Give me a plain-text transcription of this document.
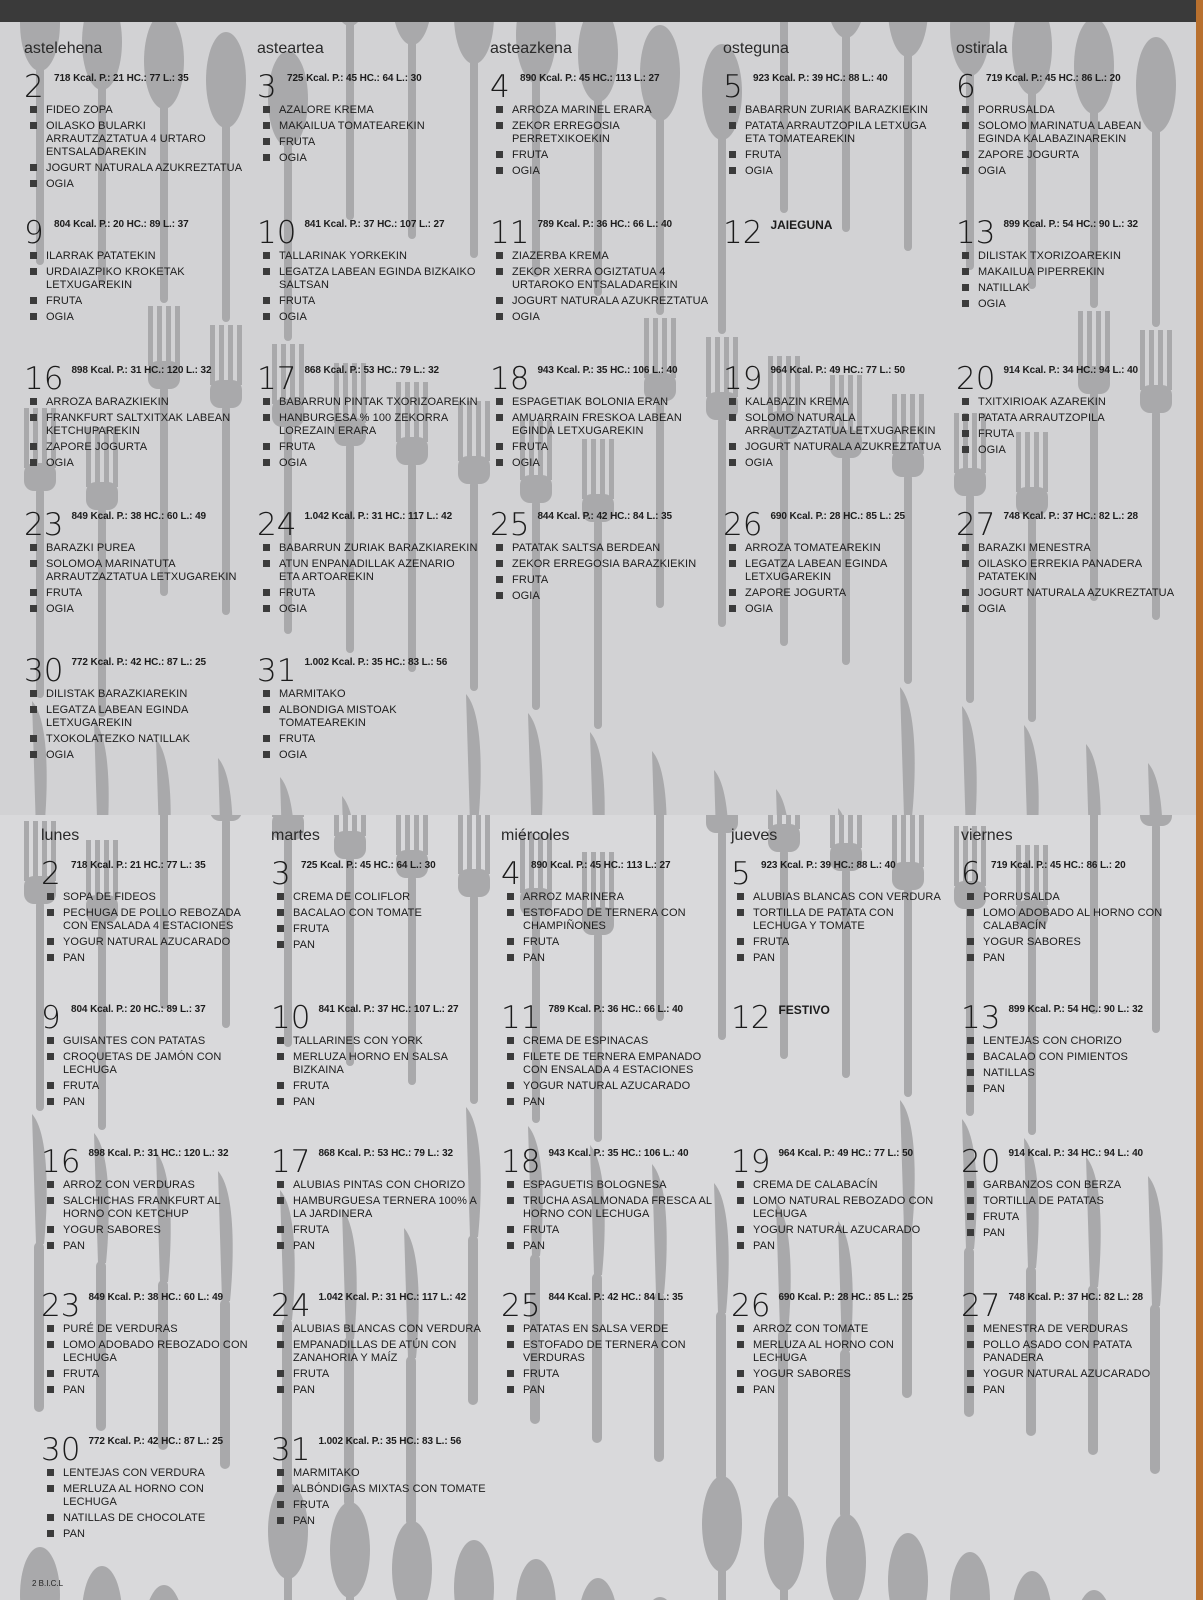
astelehena	asteartea	asteazkena	osteguna	ostirala
2 718 Kcal. P.: 21 HC.: 77 L.: 35
FIDEO ZOPA
OILASKO BULARKI ARRAUTZAZTATUA 4 URTARO ENTSALADAREKIN
JOGURT NATURALA AZUKREZTATUA
OGIA
3 725 Kcal. P.: 45 HC.: 64 L.: 30
AZALORE KREMA
MAKAILUA TOMATEAREKIN
FRUTA
OGIA
4 890 Kcal. P.: 45 HC.: 113 L.: 27
ARROZA MARINEL ERARA
ZEKOR ERREGOSIA PERRETXIKOEKIN
FRUTA
OGIA
5 923 Kcal. P.: 39 HC.: 88 L.: 40
BABARRUN ZURIAK BARAZKIEKIN
PATATA ARRAUTZOPILA LETXUGA ETA TOMATEAREKIN
FRUTA
OGIA
6 719 Kcal. P.: 45 HC.: 86 L.: 20
PORRUSALDA
SOLOMO MARINATUA LABEAN EGINDA KALABAZINAREKIN
ZAPORE JOGURTA
OGIA
9 804 Kcal. P.: 20 HC.: 89 L.: 37
ILARRAK PATATEKIN
URDAIAZPIKO KROKETAK LETXUGAREKIN
FRUTA
OGIA
10 841 Kcal. P.: 37 HC.: 107 L.: 27
TALLARINAK YORKEKIN
LEGATZA LABEAN EGINDA BIZKAIKO SALTSAN
FRUTA
OGIA
11 789 Kcal. P.: 36 HC.: 66 L.: 40
ZIAZERBA KREMA
ZEKOR XERRA OGIZTATUA 4 URTAROKO ENTSALADAREKIN
JOGURT NATURALA AZUKREZTATUA
OGIA
12 JAIEGUNA	13 899 Kcal. P.: 54 HC.: 90 L.: 32
DILISTAK TXORIZOAREKIN
MAKAILUA PIPERREKIN
NATILLAK
OGIA
16 898 Kcal. P.: 31 HC.: 120 L.: 32
ARROZA BARAZKIEKIN
FRANKFURT SALTXITXAK LABEAN KETCHUPAREKIN
ZAPORE JOGURTA
OGIA
17 868 Kcal. P.: 53 HC.: 79 L.: 32
BABARRUN PINTAK TXORIZOAREKIN
HANBURGESA % 100 ZEKORRA LOREZAIN ERARA
FRUTA
OGIA
18 943 Kcal. P.: 35 HC.: 106 L.: 40
ESPAGETIAK BOLONIA ERAN
AMUARRAIN FRESKOA LABEAN EGINDA LETXUGAREKIN
FRUTA
OGIA
19 964 Kcal. P.: 49 HC.: 77 L.: 50
KALABAZIN KREMA
SOLOMO NATURALA ARRAUTZAZTATUA LETXUGAREKIN
JOGURT NATURALA AZUKREZTATUA
OGIA
20 914 Kcal. P.: 34 HC.: 94 L.: 40
TXITXIRIOAK AZAREKIN
PATATA ARRAUTZOPILA
FRUTA
OGIA
23 849 Kcal. P.: 38 HC.: 60 L.: 49
BARAZKI PUREA
SOLOMOA MARINATUTA ARRAUTZAZTATUA LETXUGAREKIN
FRUTA
OGIA
24 1.042 Kcal. P.: 31 HC.: 117 L.: 42
BABARRUN ZURIAK BARAZKIAREKIN
ATUN ENPANADILLAK AZENARIO ETA ARTOAREKIN
FRUTA
OGIA
25 844 Kcal. P.: 42 HC.: 84 L.: 35
PATATAK SALTSA BERDEAN
ZEKOR ERREGOSIA BARAZKIEKIN
FRUTA
OGIA
26 690 Kcal. P.: 28 HC.: 85 L.: 25
ARROZA TOMATEAREKIN
LEGATZA LABEAN EGINDA LETXUGAREKIN
ZAPORE JOGURTA
OGIA
27 748 Kcal. P.: 37 HC.: 82 L.: 28
BARAZKI MENESTRA
OILASKO ERREKIA PANADERA PATATEKIN
JOGURT NATURALA AZUKREZTATUA
OGIA
30 772 Kcal. P.: 42 HC.: 87 L.: 25
DILISTAK BARAZKIAREKIN
LEGATZA LABEAN EGINDA LETXUGAREKIN
TXOKOLATEZKO NATILLAK
OGIA
31 1.002 Kcal. P.: 35 HC.: 83 L.: 56
MARMITAKO
ALBONDIGA MISTOAK TOMATEAREKIN
FRUTA
OGIA
lunes	martes	miércoles	jueves	viernes
2 718 Kcal. P.: 21 HC.: 77 L.: 35
SOPA DE FIDEOS
PECHUGA DE POLLO REBOZADA CON ENSALADA 4 ESTACIONES
YOGUR NATURAL AZUCARADO
PAN
3 725 Kcal. P.: 45 HC.: 64 L.: 30
CREMA DE COLIFLOR
BACALAO CON TOMATE
FRUTA
PAN
4 890 Kcal. P.: 45 HC.: 113 L.: 27
ARROZ MARINERA
ESTOFADO DE TERNERA CON CHAMPIÑONES
FRUTA
PAN
5 923 Kcal. P.: 39 HC.: 88 L.: 40
ALUBIAS BLANCAS CON VERDURA
TORTILLA DE PATATA CON LECHUGA Y TOMATE
FRUTA
PAN
6 719 Kcal. P.: 45 HC.: 86 L.: 20
PORRUSALDA
LOMO ADOBADO AL HORNO CON CALABACÍN
YOGUR SABORES
PAN
9 804 Kcal. P.: 20 HC.: 89 L.: 37
GUISANTES CON PATATAS
CROQUETAS DE JAMÓN CON LECHUGA
FRUTA
PAN
10 841 Kcal. P.: 37 HC.: 107 L.: 27
TALLARINES CON YORK
MERLUZA HORNO EN SALSA BIZKAINA
FRUTA
PAN
11 789 Kcal. P.: 36 HC.: 66 L.: 40
CREMA DE ESPINACAS
FILETE DE TERNERA EMPANADO CON ENSALADA 4 ESTACIONES
YOGUR NATURAL AZUCARADO
PAN
12 FESTIVO	13 899 Kcal. P.: 54 HC.: 90 L.: 32
LENTEJAS CON CHORIZO
BACALAO CON PIMIENTOS
NATILLAS
PAN
16 898 Kcal. P.: 31 HC.: 120 L.: 32
ARROZ CON VERDURAS
SALCHICHAS FRANKFURT AL HORNO CON KETCHUP
YOGUR SABORES
PAN
17 868 Kcal. P.: 53 HC.: 79 L.: 32
ALUBIAS PINTAS CON CHORIZO
HAMBURGUESA TERNERA 100% A LA JARDINERA
FRUTA
PAN
18 943 Kcal. P.: 35 HC.: 106 L.: 40
ESPAGUETIS BOLOGNESA
TRUCHA ASALMONADA FRESCA AL HORNO CON LECHUGA
FRUTA
PAN
19 964 Kcal. P.: 49 HC.: 77 L.: 50
CREMA DE CALABACÍN
LOMO NATURAL REBOZADO CON LECHUGA
YOGUR NATURAL AZUCARADO
PAN
20 914 Kcal. P.: 34 HC.: 94 L.: 40
GARBANZOS CON BERZA
TORTILLA DE PATATAS
FRUTA
PAN
23 849 Kcal. P.: 38 HC.: 60 L.: 49
PURÉ DE VERDURAS
LOMO ADOBADO REBOZADO CON LECHUGA
FRUTA
PAN
24 1.042 Kcal. P.: 31 HC.: 117 L.: 42
ALUBIAS BLANCAS CON VERDURA
EMPANADILLAS DE ATÚN CON ZANAHORIA Y MAÍZ
FRUTA
PAN
25 844 Kcal. P.: 42 HC.: 84 L.: 35
PATATAS EN SALSA VERDE
ESTOFADO DE TERNERA CON VERDURAS
FRUTA
PAN
26 690 Kcal. P.: 28 HC.: 85 L.: 25
ARROZ CON TOMATE
MERLUZA AL HORNO CON LECHUGA
YOGUR SABORES
PAN
27 748 Kcal. P.: 37 HC.: 82 L.: 28
MENESTRA DE VERDURAS
POLLO ASADO CON PATATA PANADERA
YOGUR NATURAL AZUCARADO
PAN
30 772 Kcal. P.: 42 HC.: 87 L.: 25
LENTEJAS CON VERDURA
MERLUZA AL HORNO CON LECHUGA
NATILLAS DE CHOCOLATE
PAN
31 1.002 Kcal. P.: 35 HC.: 83 L.: 56
MARMITAKO
ALBÓNDIGAS MIXTAS CON TOMATE
FRUTA
PAN
2 B.I.C.L
